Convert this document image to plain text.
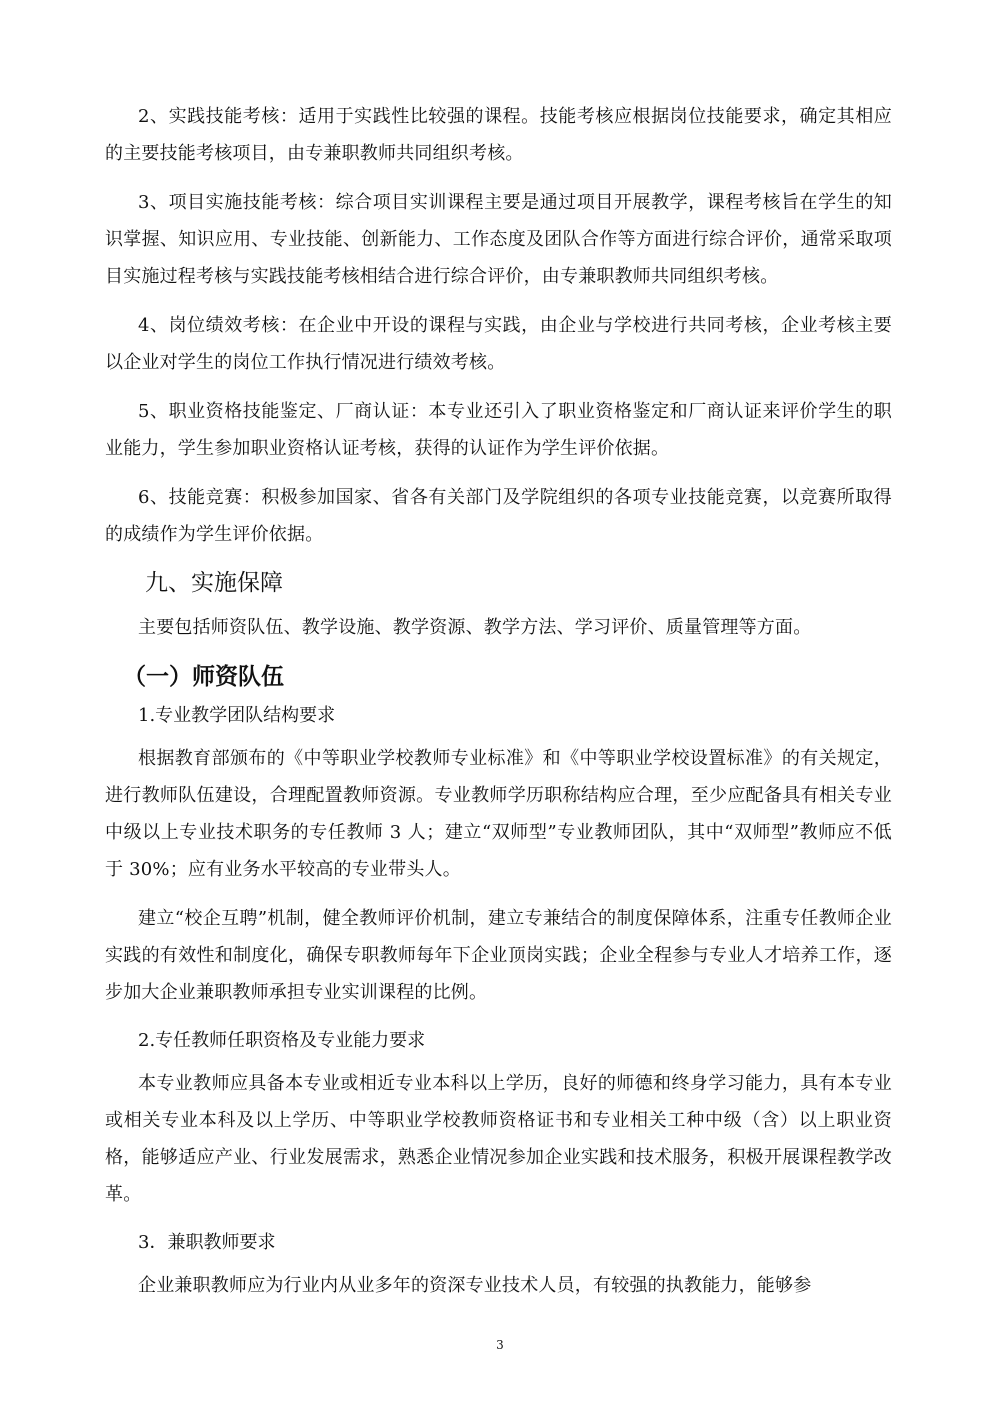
2、实践技能考核：适用于实践性比较强的课程。技能考核应根据岗位技能要求，确定其相应的主要技能考核项目，由专兼职教师共同组织考核。

3、项目实施技能考核：综合项目实训课程主要是通过项目开展教学，课程考核旨在学生的知识掌握、知识应用、专业技能、创新能力、工作态度及团队合作等方面进行综合评价，通常采取项目实施过程考核与实践技能考核相结合进行综合评价，由专兼职教师共同组织考核。

4、岗位绩效考核：在企业中开设的课程与实践，由企业与学校进行共同考核，企业考核主要以企业对学生的岗位工作执行情况进行绩效考核。

5、职业资格技能鉴定、厂商认证：本专业还引入了职业资格鉴定和厂商认证来评价学生的职业能力，学生参加职业资格认证考核，获得的认证作为学生评价依据。

6、技能竞赛：积极参加国家、省各有关部门及学院组织的各项专业技能竞赛，以竞赛所取得的成绩作为学生评价依据。

九、实施保障

主要包括师资队伍、教学设施、教学资源、教学方法、学习评价、质量管理等方面。

（一）师资队伍

1.专业教学团队结构要求

根据教育部颁布的《中等职业学校教师专业标准》和《中等职业学校设置标准》的有关规定，进行教师队伍建设，合理配置教师资源。专业教师学历职称结构应合理，至少应配备具有相关专业中级以上专业技术职务的专任教师 3 人；建立“双师型”专业教师团队，其中“双师型”教师应不低于 30%；应有业务水平较高的专业带头人。

建立“校企互聘”机制，健全教师评价机制，建立专兼结合的制度保障体系，注重专任教师企业实践的有效性和制度化，确保专职教师每年下企业顶岗实践；企业全程参与专业人才培养工作，逐步加大企业兼职教师承担专业实训课程的比例。

2.专任教师任职资格及专业能力要求

本专业教师应具备本专业或相近专业本科以上学历，良好的师德和终身学习能力，具有本专业或相关专业本科及以上学历、中等职业学校教师资格证书和专业相关工种中级（含）以上职业资格，能够适应产业、行业发展需求，熟悉企业情况参加企业实践和技术服务，积极开展课程教学改革。

3．兼职教师要求

企业兼职教师应为行业内从业多年的资深专业技术人员，有较强的执教能力，能够参

3
